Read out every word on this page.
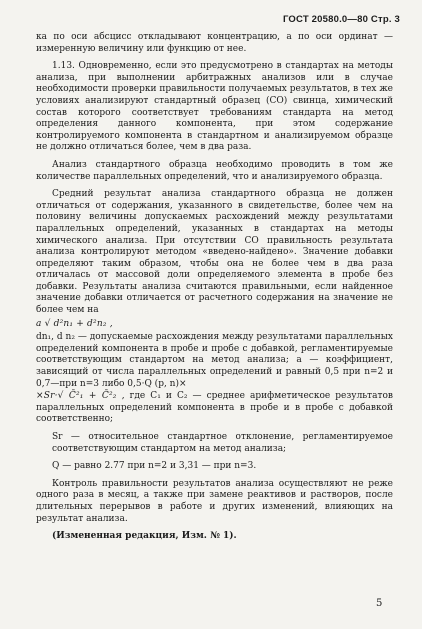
ГОСТ 20580.0—80 Стр. 3

ка по оси абсцисс откладывают концентрацию, а по оси ординат — измеренную величину или функцию от нее.

1.13. Одновременно, если это предусмотрено в стандартах на методы анализа, при выполнении арбитражных анализов или в случае необходимости проверки правильности получаемых результатов, в тех же условиях анализируют стандартный образец (СО) свинца, химический состав которого соответствует требованиям стандарта на метод определения данного компонента, при этом содержание контролируемого компонента в стандартном и анализируемом образце не должно отличаться более, чем в два раза.

Анализ стандартного образца необходимо проводить в том же количестве параллельных определений, что и анализируемого образца.

Средний результат анализа стандартного образца не должен отличаться от содержания, указанного в свидетельстве, более чем на половину величины допускаемых расхождений между результатами параллельных определений, указанных в стандартах на методы химического анализа. При отсутствии СО правильность результата анализа контролируют методом «введено-найдено». Значение добавки определяют таким образом, чтобы она не более чем в два раза отличалась от массовой доли определяемого элемента в пробе без добавки. Результаты анализа считаются правильными, если найденное значение добавки отличается от расчетного содержания на значение не более чем на

a √ d²n₁ + d²n₂ ,

dn₁, d n₂ — допускаемые расхождения между результатами параллельных определений компонента в пробе и пробе с добавкой, регламентируемые соответствующим стандартом на метод анализа; a — коэффициент, зависящий от числа параллельных определений и равный 0,5 при n=2 и 0,7—при n=3 либо 0,5·Q (p, n)×

×Sr·√ C̄²₁ + C̄²₂ , где C₁ и C₂ — среднее арифметическое результатов параллельных определений компонента в пробе и в пробе с добавкой соответственно;

Sr — относительное стандартное отклонение, регламентируемое соответствующим стандартом на метод анализа;

Q — равно 2.77 при n=2 и 3,31 — при n=3.

Контроль правильности результатов анализа осуществляют не реже одного раза в месяц, а также при замене реактивов и растворов, после длительных перерывов в работе и других изменений, влияющих на результат анализа.

(Измененная редакция, Изм. № 1).

5
